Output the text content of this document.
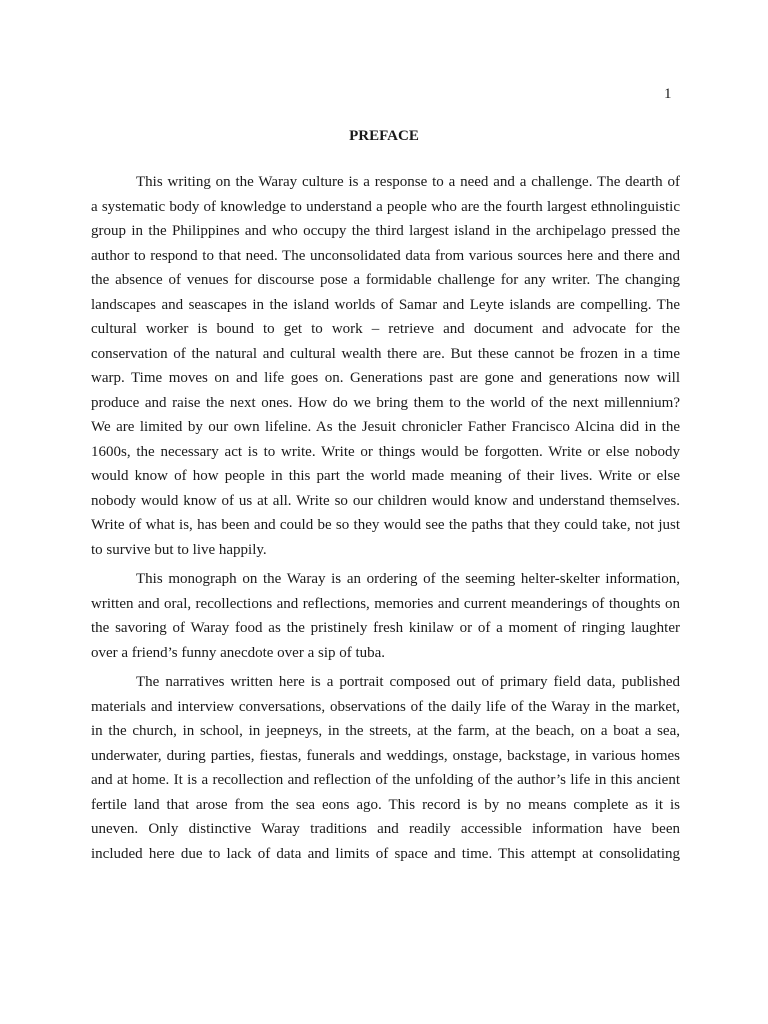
1
PREFACE
This writing on the Waray culture is a response to a need and a challenge. The dearth of
a systematic body of knowledge to understand a people who are the fourth largest ethnolinguistic
group in the Philippines and who occupy the third largest island in the archipelago pressed the
author to respond to that need. The unconsolidated data from various sources here and there and
the absence of venues for discourse pose a formidable challenge for any writer. The changing
landscapes and seascapes in the island worlds of Samar and Leyte islands are compelling. The
cultural worker is bound to get to work – retrieve and document and advocate for the
conservation of the natural and cultural wealth there are. But these cannot be frozen in a time
warp. Time moves on and life goes on. Generations past are gone and generations now will
produce and raise the next ones. How do we bring them to the world of the next millennium?
We are limited by our own lifeline. As the Jesuit chronicler Father Francisco Alcina did in the
1600s, the necessary act is to write. Write or things would be forgotten. Write or else nobody
would know of how people in this part the world made meaning of their lives. Write or else
nobody would know of us at all. Write so our children would know and understand themselves.
Write of what is, has been and could be so they would see the paths that they could take, not just
to survive but to live happily.
This monograph on the Waray is an ordering of the seeming helter-skelter information,
written and oral, recollections and reflections, memories and current meanderings of thoughts on
the savoring of Waray food as the pristinely fresh kinilaw or of a moment of ringing laughter
over a friend’s funny anecdote over a sip of tuba.
The narratives written here is a portrait composed out of primary field data, published
materials and interview conversations, observations of the daily life of the Waray in the market,
in the church, in school, in jeepneys, in the streets, at the farm, at the beach, on a boat a sea,
underwater, during parties, fiestas, funerals and weddings, onstage, backstage, in various homes
and at home. It is a recollection and reflection of the unfolding of the author’s life in this ancient
fertile land that arose from the sea eons ago. This record is by no means complete as it is
uneven. Only distinctive Waray traditions and readily accessible information have been
included here due to lack of data and limits of space and time. This attempt at consolidating
